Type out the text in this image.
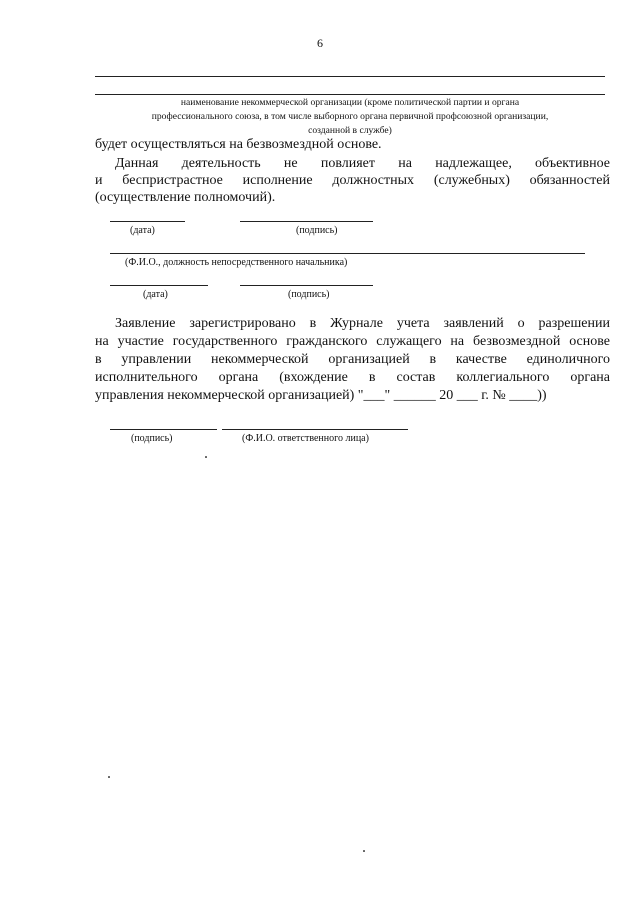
6
наименование некоммерческой организации (кроме политической партии и органа
профессионального союза, в том числе выборного органа первичной профсоюзной организации,
созданной в службе)
будет осуществляться на безвозмездной основе.
Данная деятельность не повлияет на надлежащее, объективное
и беспристрастное исполнение должностных (служебных) обязанностей
(осуществление полномочий).
(дата)	(подпись)
(Ф.И.О., должность непосредственного начальника)
(дата)	(подпись)
Заявление зарегистрировано в Журнале учета заявлений о разрешении
на участие государственного гражданского служащего на безвозмездной основе
в управлении некоммерческой организацией в качестве единоличного
исполнительного органа (вхождение в состав коллегиального органа
управления некоммерческой организацией) "___" ______ 20 ___ г. № ____))
(подпись)	(Ф.И.О. ответственного лица)
